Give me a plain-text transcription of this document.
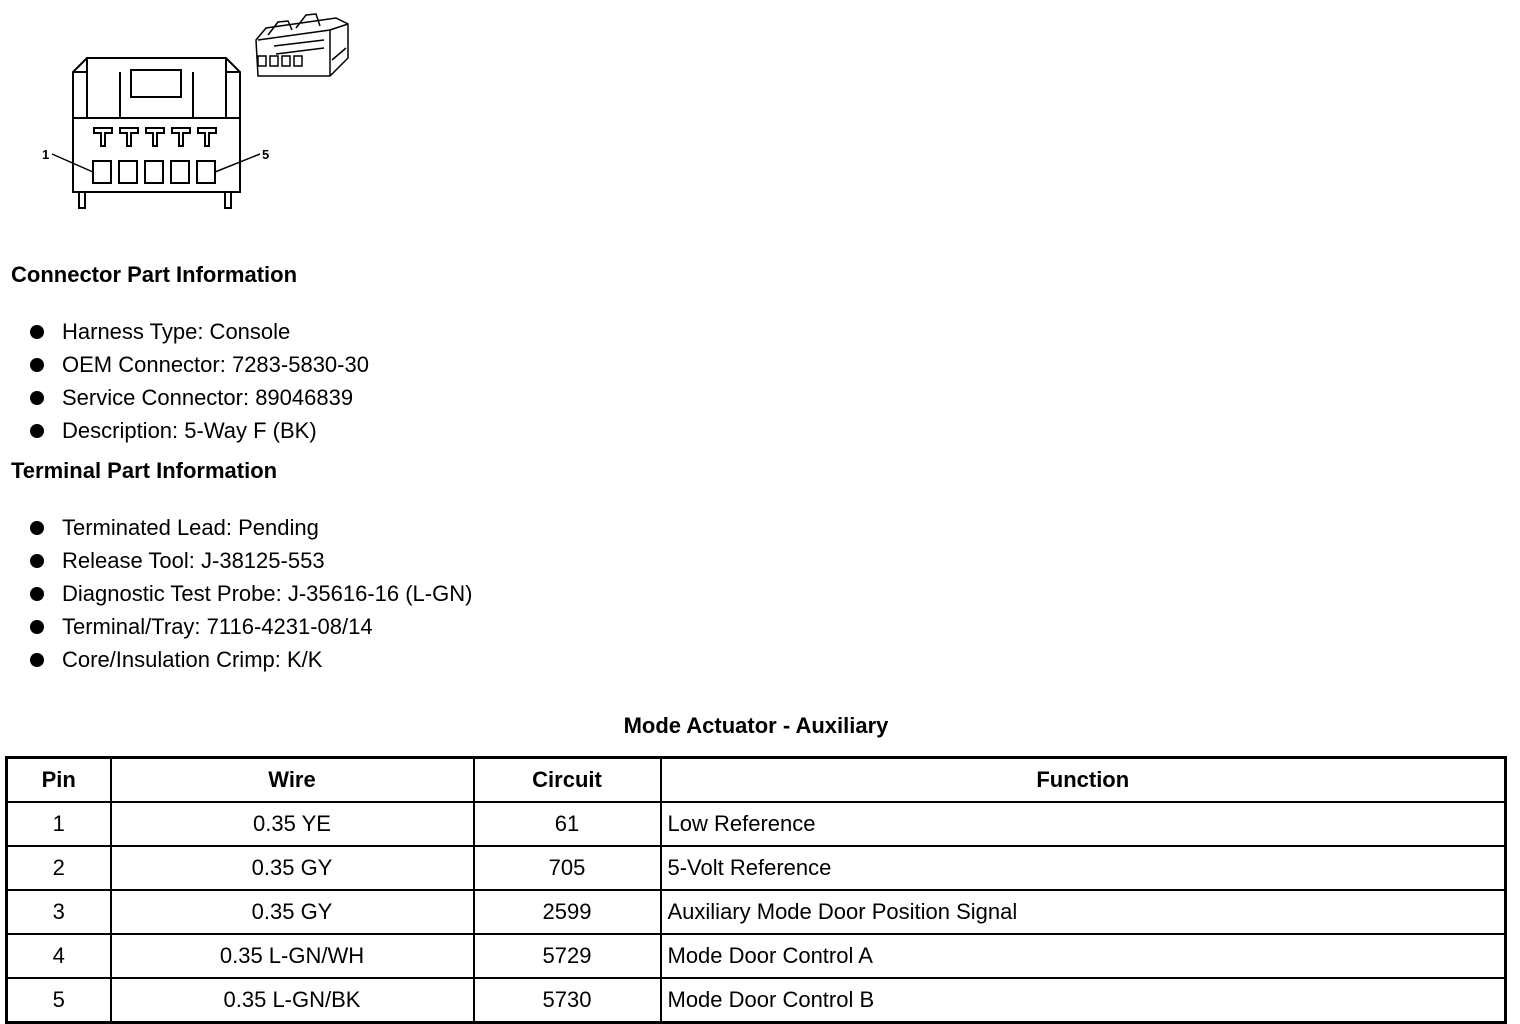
1	5
Connector Part Information
Harness Type: Console
OEM Connector: 7283-5830-30
Service Connector: 89046839
Description: 5-Way F (BK)
Terminal Part Information
Terminated Lead: Pending
Release Tool: J-38125-553
Diagnostic Test Probe: J-35616-16 (L-GN)
Terminal/Tray: 7116-4231-08/14
Core/Insulation Crimp: K/K
Mode Actuator - Auxiliary
Pin	Wire	Circuit	Function
1	0.35 YE	61	Low Reference
2	0.35 GY	705	5-Volt Reference
3	0.35 GY	2599	Auxiliary Mode Door Position Signal
4	0.35 L-GN/WH	5729	Mode Door Control A
5	0.35 L-GN/BK	5730	Mode Door Control B
